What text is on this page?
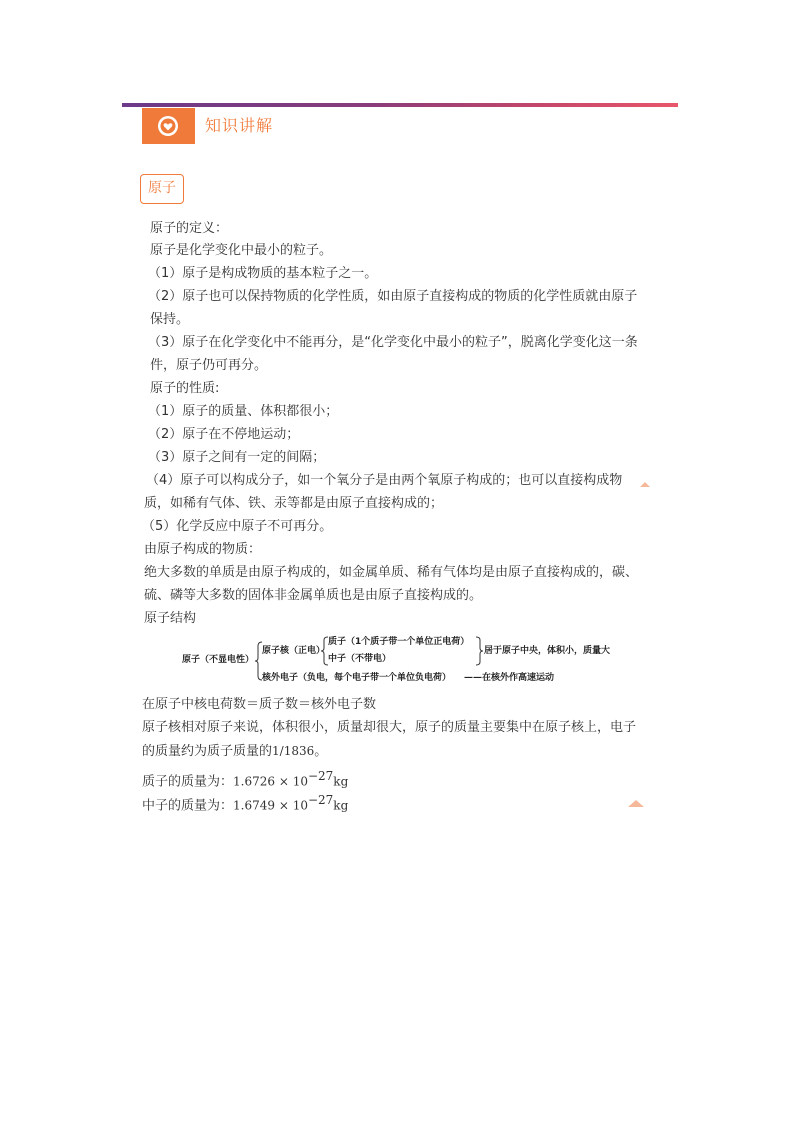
知识讲解
原子
原子的定义：
原子是化学变化中最小的粒子。
（1）原子是构成物质的基本粒子之一。
（2）原子也可以保持物质的化学性质，如由原子直接构成的物质的化学性质就由原子
保持。
（3）原子在化学变化中不能再分，是“化学变化中最小的粒子”，脱离化学变化这一条
件，原子仍可再分。
原子的性质:
（1）原子的质量、体积都很小；
（2）原子在不停地运动；
（3）原子之间有一定的间隔；
（4）原子可以构成分子，如一个氧分子是由两个氧原子构成的；也可以直接构成物
质，如稀有气体、铁、汞等都是由原子直接构成的；
（5）化学反应中原子不可再分。
由原子构成的物质：
绝大多数的单质是由原子构成的，如金属单质、稀有气体均是由原子直接构成的，碳、
硫、磷等大多数的固体非金属单质也是由原子直接构成的。
原子结构
原子（不显电性）
原子核（正电）
质子（1个质子带一个单位正电荷）
中子（不带电）
居于原子中央，体积小，质量大
核外电子（负电，每个电子带一个单位负电荷） ——在核外作高速运动
在原子中核电荷数＝质子数＝核外电子数
原子核相对原子来说，体积很小，质量却很大，原子的质量主要集中在原子核上，电子
的质量约为质子质量的1/1836。
质子的质量为：$1.6726 \times 10^{-27}kg$
中子的质量为：$1.6749 \times 10^{-27}kg$
